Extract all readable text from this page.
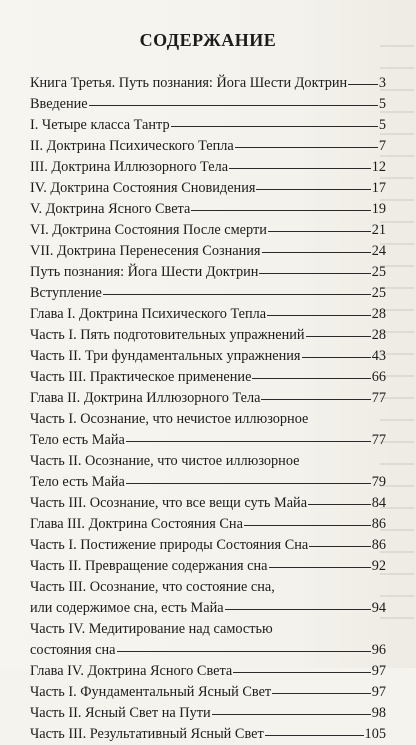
СОДЕРЖАНИЕ
Книга Третья. Путь познания: Йога Шести Доктрин 3
Введение	5
I. Четыре класса Тантр	5
II. Доктрина Психического Тепла	7
III. Доктрина Иллюзорного Тела	12
IV. Доктрина Состояния Сновидения	17
V. Доктрина Ясного Света	19
VI. Доктрина Состояния После смерти	21
VII. Доктрина Перенесения Сознания	24
Путь познания: Йога Шести Доктрин	25
Вступление	25
Глава I. Доктрина Психического Тепла	28
Часть I. Пять подготовительных упражнений	28
Часть II. Три фундаментальных упражнения	43
Часть III. Практическое применение	66
Глава II. Доктрина Иллюзорного Тела	77
Часть I. Осознание, что нечистое иллюзорное
Тело есть Майа	77
Часть II. Осознание, что чистое иллюзорное
Тело есть Майа	79
Часть III. Осознание, что все вещи суть Майа	84
Глава III. Доктрина Состояния Сна	86
Часть I. Постижение природы Состояния Сна	86
Часть II. Превращение содержания сна	92
Часть III. Осознание, что состояние сна,
или содержимое сна, есть Майа	94
Часть IV. Медитирование над самостью
состояния сна	96
Глава IV. Доктрина Ясного Света	97
Часть I. Фундаментальный Ясный Свет	97
Часть II. Ясный Свет на Пути	98
Часть III. Результативный Ясный Свет	105
